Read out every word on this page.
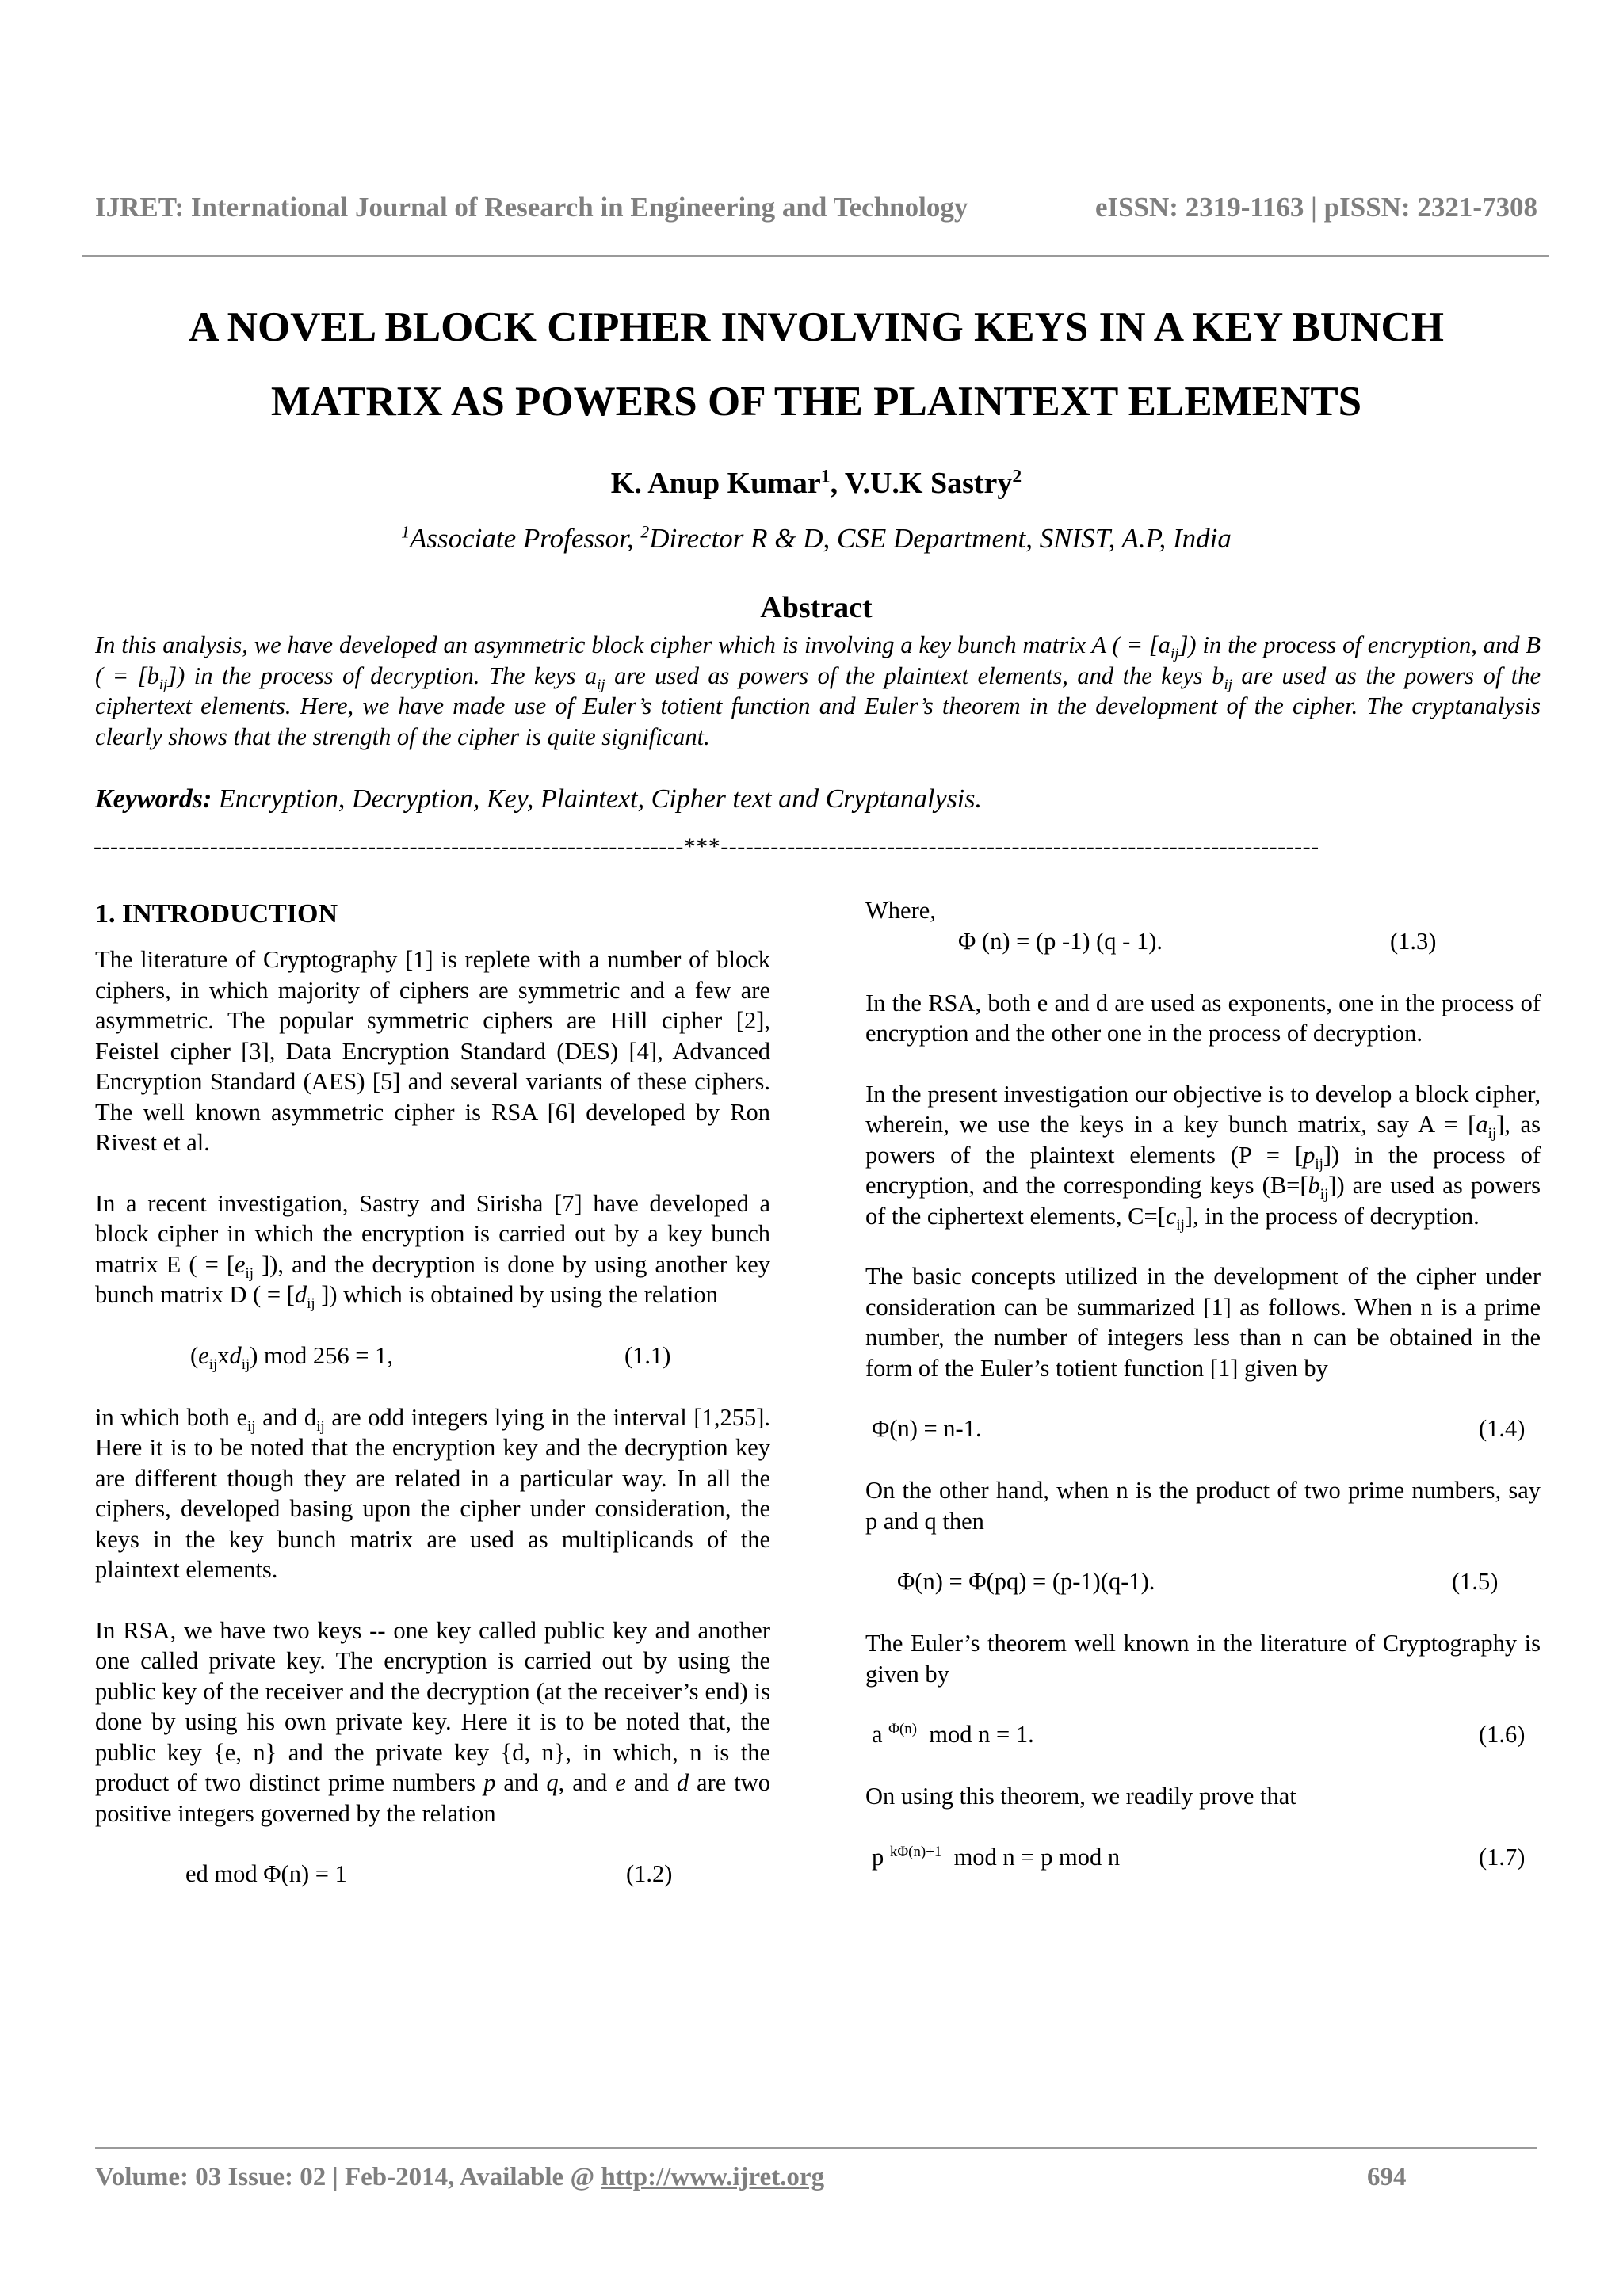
IJRET: International Journal of Research in Engineering and Technology	eISSN: 2319-1163 | pISSN: 2321-7308
A NOVEL BLOCK CIPHER INVOLVING KEYS IN A KEY BUNCH
MATRIX AS POWERS OF THE PLAINTEXT ELEMENTS
K. Anup Kumar$^1$, V.U.K Sastry$^2$
$^1$Associate Professor, $^2$Director R & D, CSE Department, SNIST, A.P, India
Abstract
In this analysis, we have developed an asymmetric block cipher which is involving a key bunch matrix A ( = $[a_{ij}]$) in the process of encryption, and B ( = $[b_{ij}]$) in the process of decryption. The keys $a_{ij}$ are used as powers of the plaintext elements, and the keys $b_{ij}$ are used as the powers of the ciphertext elements. Here, we have made use of Euler’s totient function and Euler’s theorem in the development of the cipher. The cryptanalysis clearly shows that the strength of the cipher is quite significant.
Keywords: Encryption, Decryption, Key, Plaintext, Cipher text and Cryptanalysis.
-----------------------------------------------------------------------***------------------------------------------------------------------------
1. INTRODUCTION

The literature of Cryptography [1] is replete with a number of block ciphers, in which majority of ciphers are symmetric and a few are asymmetric. The popular symmetric ciphers are Hill cipher [2], Feistel cipher [3], Data Encryption Standard (DES) [4], Advanced Encryption Standard (AES) [5] and several variants of these ciphers. The well known asymmetric cipher is RSA [6] developed by Ron Rivest et al.

In a recent investigation, Sastry and Sirisha [7] have developed a block cipher in which the encryption is carried out by a key bunch matrix E ( = [$e_{ij}$ ]), and the decryption is done by using another key bunch matrix D ( = [$d_{ij}$ ]) which is obtained by using the relation

$(e_{ij}xd_{ij})$ mod 256 = 1,	(1.1)

in which both $e_{ij}$ and $d_{ij}$ are odd integers lying in the interval [1,255]. Here it is to be noted that the encryption key and the decryption key are different though they are related in a particular way. In all the ciphers, developed basing upon the cipher under consideration, the keys in the key bunch matrix are used as multiplicands of the plaintext elements.

In RSA, we have two keys -- one key called public key and another one called private key. The encryption is carried out by using the public key of the receiver and the decryption (at the receiver’s end) is done by using his own private key. Here it is to be noted that, the public key {e, n} and the private key {d, n}, in which, n is the product of two distinct prime numbers p and q, and e and d are two positive integers governed by the relation

ed mod Φ(n) = 1	(1.2)

Where,

Φ (n) = (p -1) (q - 1).	(1.3)

In the RSA, both e and d are used as exponents, one in the process of encryption and the other one in the process of decryption.

In the present investigation our objective is to develop a block cipher, wherein, we use the keys in a key bunch matrix, say $A = [a_{ij}]$, as powers of the plaintext elements $(P = [p_{ij}])$ in the process of encryption, and the corresponding keys $(B=[b_{ij}])$ are used as powers of the ciphertext elements, $C=[c_{ij}]$, in the process of decryption.

The basic concepts utilized in the development of the cipher under consideration can be summarized [1] as follows. When n is a prime number, the number of integers less than n can be obtained in the form of the Euler’s totient function [1] given by

Φ(n) = n-1.	(1.4)

On the other hand, when n is the product of two prime numbers, say p and q then

Φ(n) = Φ(pq) = (p-1)(q-1).	(1.5)

The Euler’s theorem well known in the literature of Cryptography is given by

a $^{\Phi(n)}$ mod n = 1.	(1.6)

On using this theorem, we readily prove that

p $^{k\Phi(n)+1}$ mod n = p mod n	(1.7)
Volume: 03 Issue: 02 | Feb-2014, Available @ http://www.ijret.org	694
